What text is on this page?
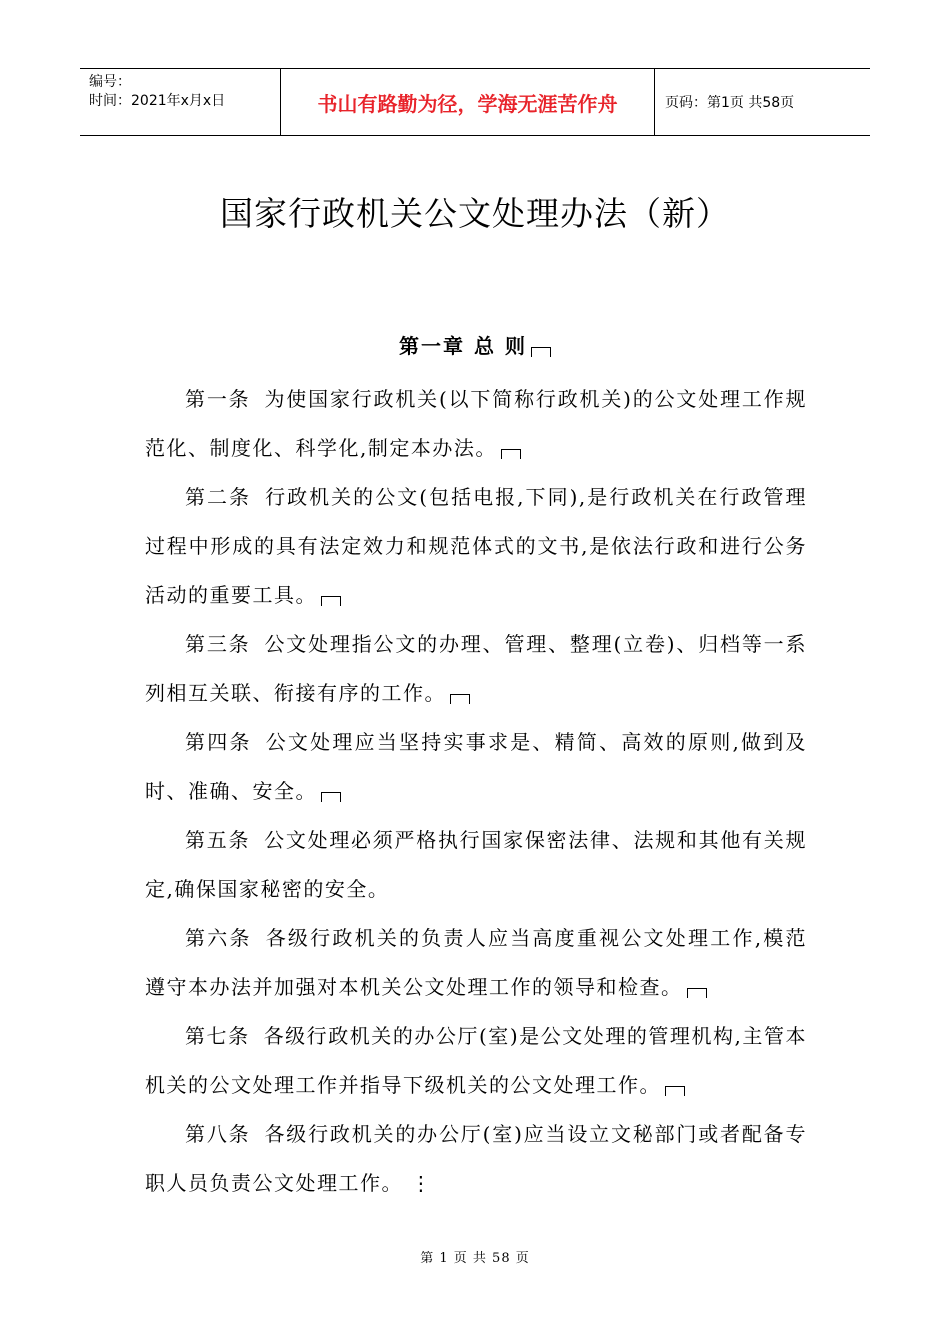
编号：
时间：2021年x月x日	书山有路勤为径，学海无涯苦作舟	页码：第1页 共58页
国家行政机关公文处理办法（新）
第一章 总 则

第一条 为使国家行政机关(以下简称行政机关)的公文处理工作规范化、制度化、科学化,制定本办法。

第二条 行政机关的公文(包括电报,下同),是行政机关在行政管理过程中形成的具有法定效力和规范体式的文书,是依法行政和进行公务活动的重要工具。

第三条 公文处理指公文的办理、管理、整理(立卷)、归档等一系列相互关联、衔接有序的工作。

第四条 公文处理应当坚持实事求是、精简、高效的原则,做到及时、准确、安全。

第五条 公文处理必须严格执行国家保密法律、法规和其他有关规定,确保国家秘密的安全。

第六条 各级行政机关的负责人应当高度重视公文处理工作,模范遵守本办法并加强对本机关公文处理工作的领导和检查。

第七条 各级行政机关的办公厅(室)是公文处理的管理机构,主管本机关的公文处理工作并指导下级机关的公文处理工作。

第八条 各级行政机关的办公厅(室)应当设立文秘部门或者配备专职人员负责公文处理工作。 ⋮

第 1 页 共 58 页
